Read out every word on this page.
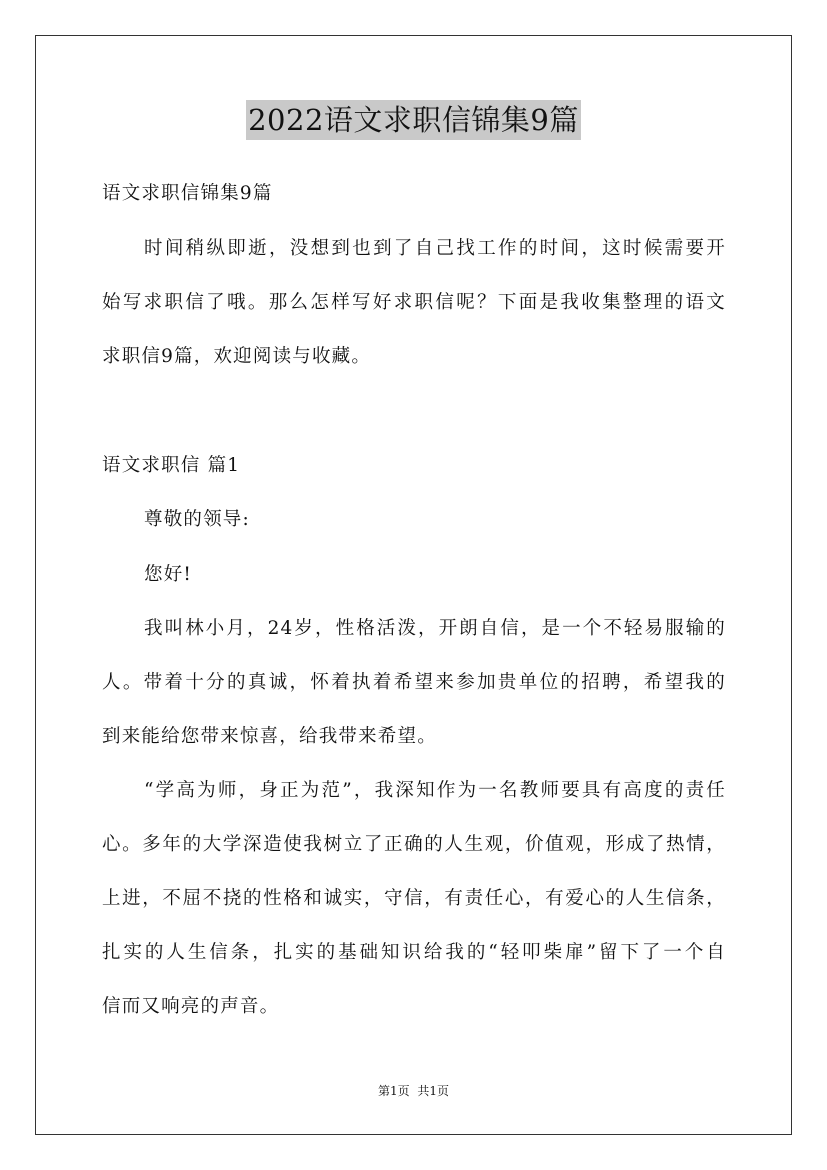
2022语文求职信锦集9篇
语文求职信锦集9篇
时间稍纵即逝，没想到也到了自己找工作的时间，这时候需要开
始写求职信了哦。那么怎样写好求职信呢？下面是我收集整理的语文
求职信9篇，欢迎阅读与收藏。
语文求职信 篇1
尊敬的领导:
您好!
我叫林小月，24岁，性格活泼，开朗自信，是一个不轻易服输的
人。带着十分的真诚，怀着执着希望来参加贵单位的招聘，希望我的
到来能给您带来惊喜，给我带来希望。
“学高为师，身正为范”，我深知作为一名教师要具有高度的责任
心。多年的大学深造使我树立了正确的人生观，价值观，形成了热情，
上进，不屈不挠的性格和诚实，守信，有责任心，有爱心的人生信条，
扎实的人生信条，扎实的基础知识给我的“轻叩柴扉”留下了一个自
信而又响亮的声音。
第1页 共1页
